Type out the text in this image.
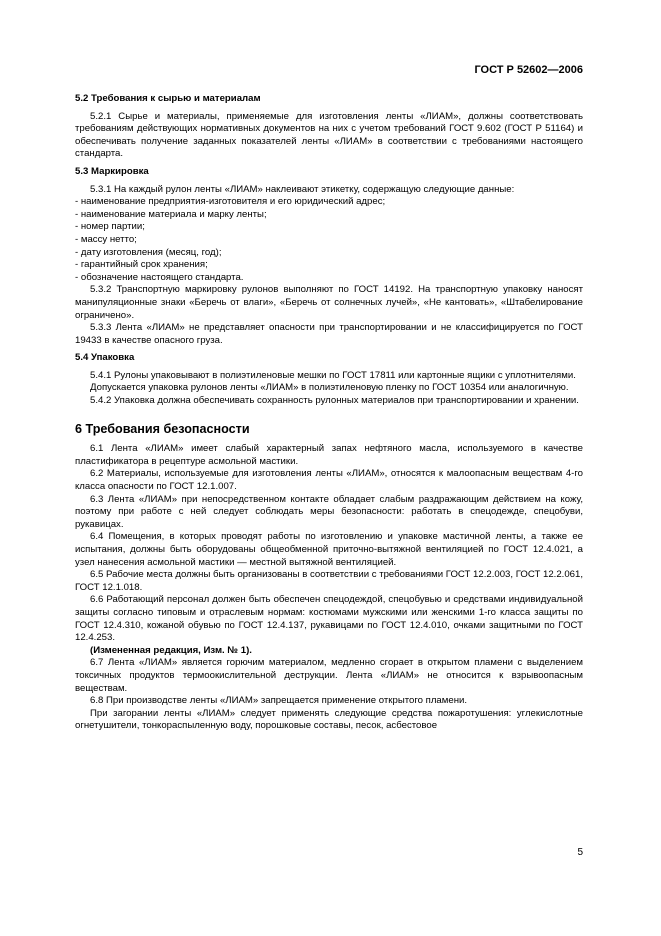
ГОСТ Р 52602—2006
5.2 Требования к сырью и материалам

5.2.1 Сырье и материалы, применяемые для изготовления ленты «ЛИАМ», должны соответствовать требованиям действующих нормативных документов на них с учетом требований ГОСТ 9.602 (ГОСТ Р 51164) и обеспечивать получение заданных показателей ленты «ЛИАМ» в соответствии с требованиями настоящего стандарта.

5.3 Маркировка

5.3.1 На каждый рулон ленты «ЛИАМ» наклеивают этикетку, содержащую следующие данные:

- наименование предприятия-изготовителя и его юридический адрес;

- наименование материала и марку ленты;

- номер партии;

- массу нетто;

- дату изготовления (месяц, год);

- гарантийный срок хранения;

- обозначение настоящего стандарта.

5.3.2 Транспортную маркировку рулонов выполняют по ГОСТ 14192. На транспортную упаковку наносят манипуляционные знаки «Беречь от влаги», «Беречь от солнечных лучей», «Не кантовать», «Штабелирование ограничено».

5.3.3 Лента «ЛИАМ» не представляет опасности при транспортировании и не классифицируется по ГОСТ 19433 в качестве опасного груза.

5.4 Упаковка

5.4.1 Рулоны упаковывают в полиэтиленовые мешки по ГОСТ 17811 или картонные ящики с уплотнителями.

Допускается упаковка рулонов ленты «ЛИАМ» в полиэтиленовую пленку по ГОСТ 10354 или аналогичную.

5.4.2 Упаковка должна обеспечивать сохранность рулонных материалов при транспортировании и хранении.

6 Требования безопасности

6.1 Лента «ЛИАМ» имеет слабый характерный запах нефтяного масла, используемого в качестве пластификатора в рецептуре асмольной мастики.

6.2 Материалы, используемые для изготовления ленты «ЛИАМ», относятся к малоопасным веществам 4-го класса опасности по ГОСТ 12.1.007.

6.3 Лента «ЛИАМ» при непосредственном контакте обладает слабым раздражающим действием на кожу, поэтому при работе с ней следует соблюдать меры безопасности: работать в спецодежде, спецобуви, рукавицах.

6.4 Помещения, в которых проводят работы по изготовлению и упаковке мастичной ленты, а также ее испытания, должны быть оборудованы общеобменной приточно-вытяжной вентиляцией по ГОСТ 12.4.021, а узел нанесения асмольной мастики — местной вытяжной вентиляцией.

6.5 Рабочие места должны быть организованы в соответствии с требованиями ГОСТ 12.2.003, ГОСТ 12.2.061, ГОСТ 12.1.018.

6.6 Работающий персонал должен быть обеспечен спецодеждой, спецобувью и средствами индивидуальной защиты согласно типовым и отраслевым нормам: костюмами мужскими или женскими 1-го класса защиты по ГОСТ 12.4.310, кожаной обувью по ГОСТ 12.4.137, рукавицами по ГОСТ 12.4.010, очками защитными по ГОСТ 12.4.253.

(Измененная редакция, Изм. № 1).

6.7 Лента «ЛИАМ» является горючим материалом, медленно сгорает в открытом пламени с выделением токсичных продуктов термоокислительной деструкции. Лента «ЛИАМ» не относится к взрывоопасным веществам.

6.8 При производстве ленты «ЛИАМ» запрещается применение открытого пламени.

При загорании ленты «ЛИАМ» следует применять следующие средства пожаротушения: углекислотные огнетушители, тонкораспыленную воду, порошковые составы, песок, асбестовое

5
